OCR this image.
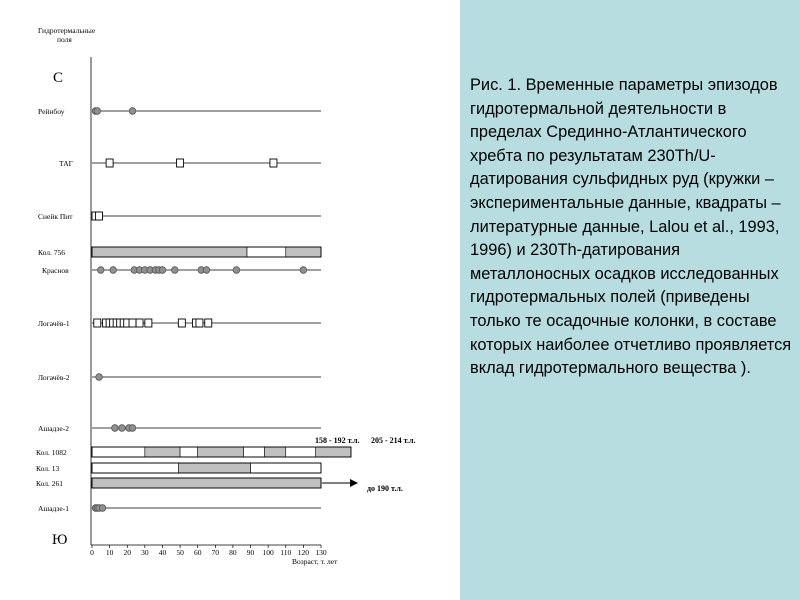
Гидротермальные поля
С
Ю
Рейнбоу
ТАГ
Снейк Пит
Кол. 756
Краснов
Логачёв-1
Логачёв-2
Ашадзе-2
Кол. 1082
Кол. 13
Кол. 261
Ашадзе-1
0 10 20 30 40 50 60 70 80 90 100 110 120 130
Возраст, т. лет
158 - 192 т.л. 205 - 214 т.л.
до 190 т.л.

Рис. 1. Временные параметры эпизодов гидротермальной деятельности в пределах Срединно-Атлантического хребта по результатам 230Th/U-датирования сульфидных руд (кружки – экспериментальные данные, квадраты – литературные данные, Lalou et al., 1993, 1996) и 230Th-датирования металлоносных осадков исследованных гидротермальных полей (приведены только те осадочные колонки, в составе которых наиболее отчетливо проявляется вклад гидротермального вещества ).
